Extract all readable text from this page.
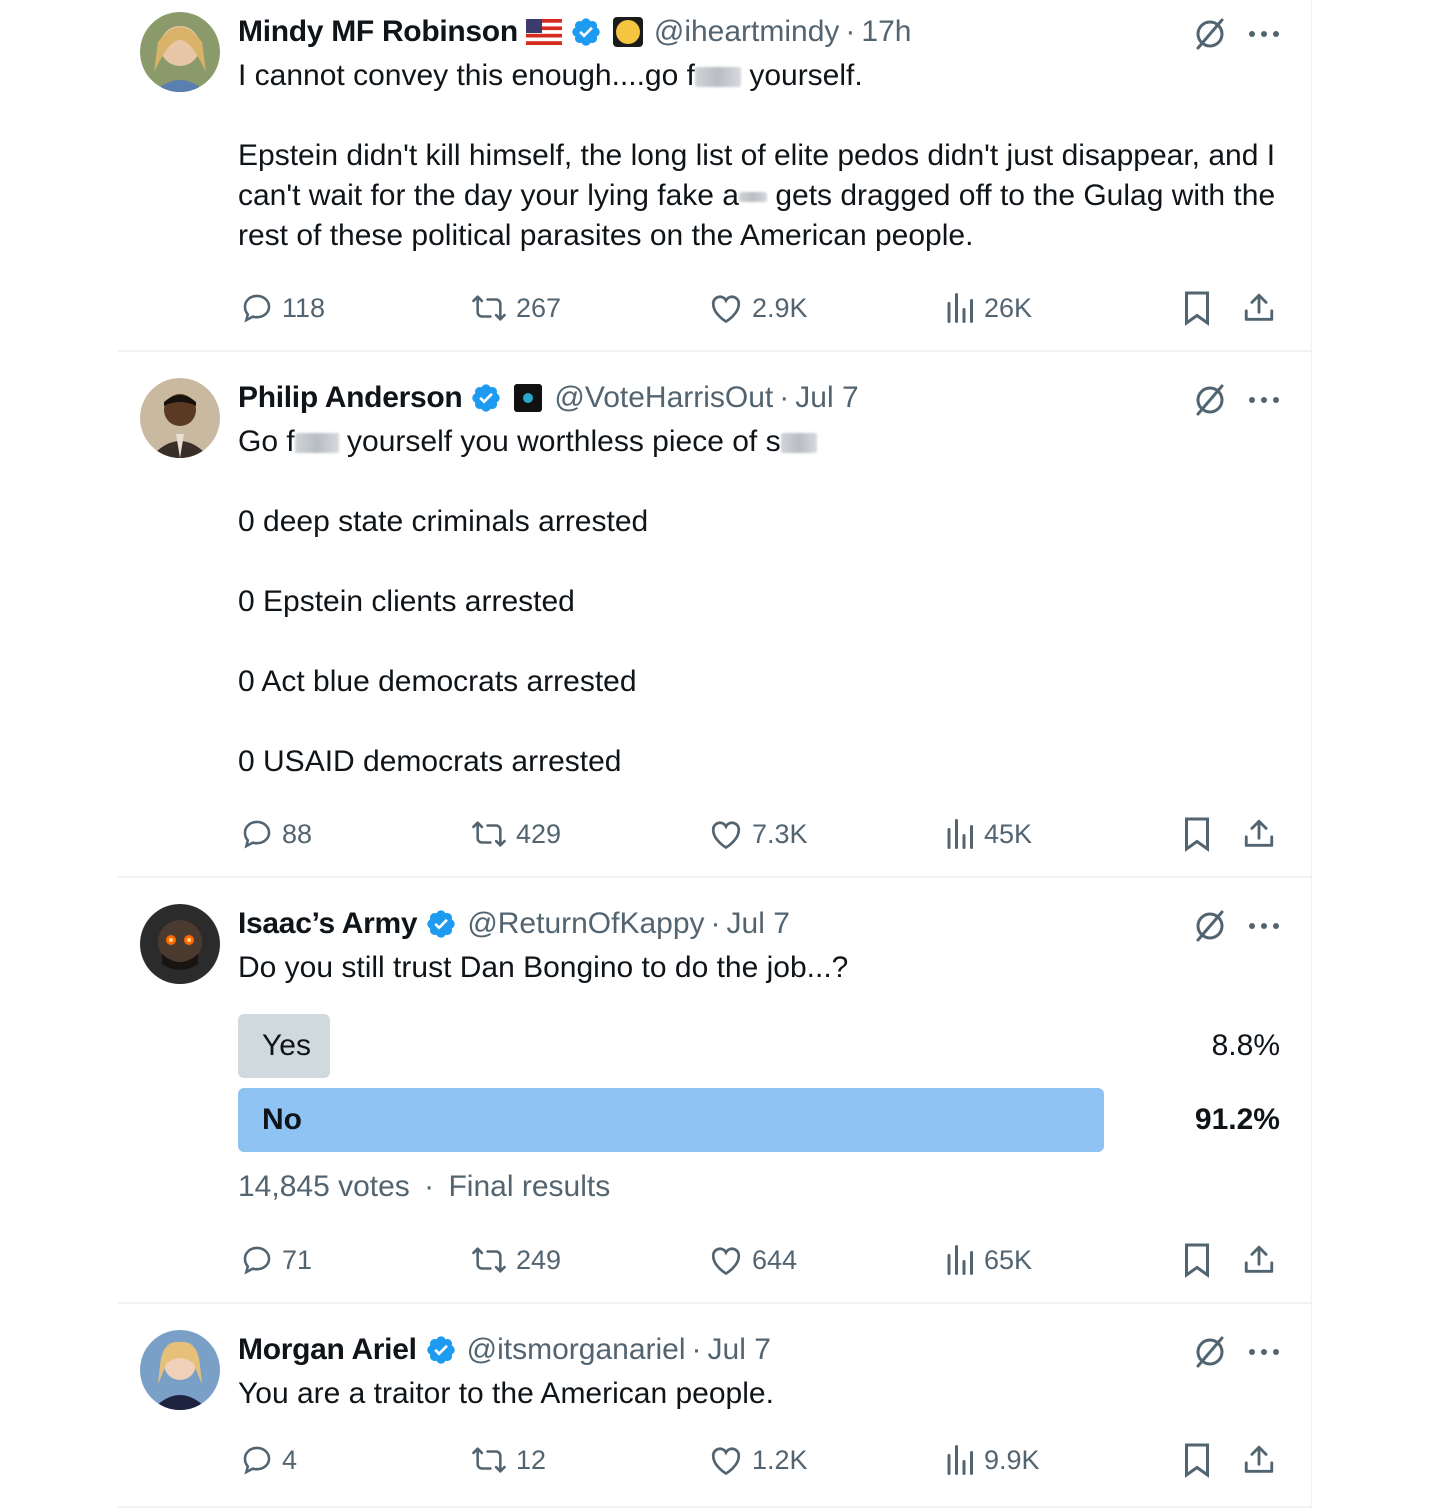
Mindy MF Robinson	@iheartmindy · 17h

I cannot convey this enough....go f yourself.

Epstein didn't kill himself, the long list of elite pedos didn't just disappear, and I can't wait for the day your lying fake a gets dragged off to the Gulag with the rest of these political parasites on the American people.

118	267	2.9K	26K
Philip Anderson	@VoteHarrisOut · Jul 7

Go f yourself you worthless piece of s

0 deep state criminals arrested

0 Epstein clients arrested

0 Act blue democrats arrested

0 USAID democrats arrested

88	429	7.3K	45K
Isaac’s Army @ReturnOfKappy · Jul 7
Do you still trust Dan Bongino to do the job...?
Yes	8.8%
No	91.2%
14,845 votes · Final results
71	249	644	65K
Morgan Ariel @itsmorganariel · Jul 7
You are a traitor to the American people.
4	12	1.2K	9.9K
